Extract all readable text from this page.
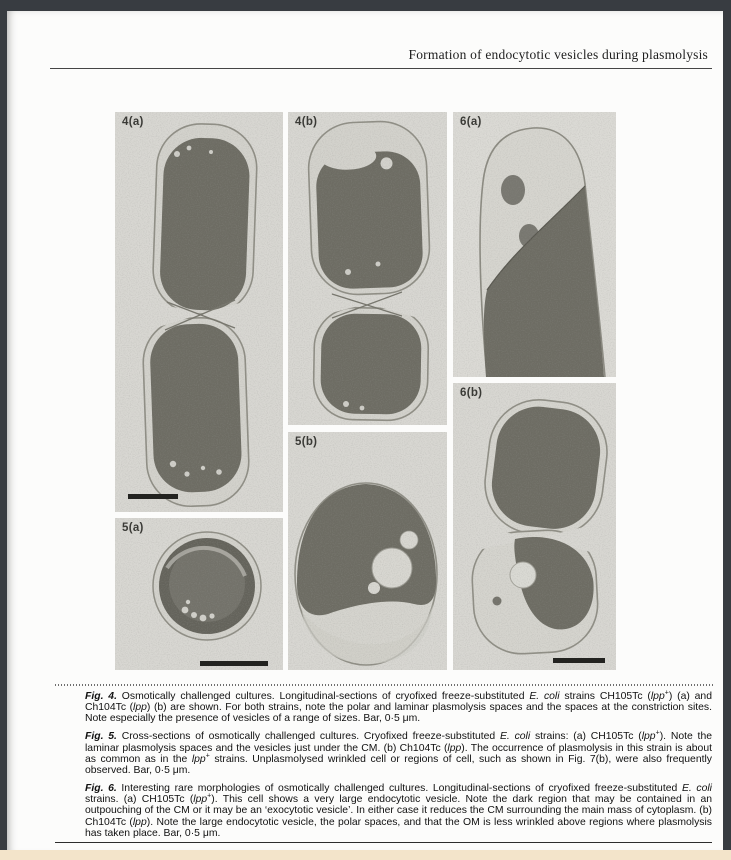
Formation of endocytotic vesicles during plasmolysis
4(a)	4(b)	6(a)
6(b)
5(a)
5(b)

Fig. 4. Osmotically challenged cultures. Longitudinal-sections of cryofixed freeze-substituted E. coli strains CH105Tc (lpp+) (a) and Ch104Tc (lpp) (b) are shown. For both strains, note the polar and laminar plasmolysis spaces and the spaces at the constriction sites. Note especially the presence of vesicles of a range of sizes. Bar, 0·5 μm.

Fig. 5. Cross-sections of osmotically challenged cultures. Cryofixed freeze-substituted E. coli strains: (a) CH105Tc (lpp+). Note the laminar plasmolysis spaces and the vesicles just under the CM. (b) Ch104Tc (lpp). The occurrence of plasmolysis in this strain is about as common as in the lpp+ strains. Unplasmolysed wrinkled cell or regions of cell, such as shown in Fig. 7(b), were also frequently observed. Bar, 0·5 μm.

Fig. 6. Interesting rare morphologies of osmotically challenged cultures. Longitudinal-sections of cryofixed freeze-substituted E. coli strains. (a) CH105Tc (lpp+). This cell shows a very large endocytotic vesicle. Note the dark region that may be contained in an outpouching of the CM or it may be an ‘exocytotic vesicle’. In either case it reduces the CM surrounding the main mass of cytoplasm. (b) Ch104Tc (lpp). Note the large endocytotic vesicle, the polar spaces, and that the OM is less wrinkled above regions where plasmolysis has taken place. Bar, 0·5 μm.
